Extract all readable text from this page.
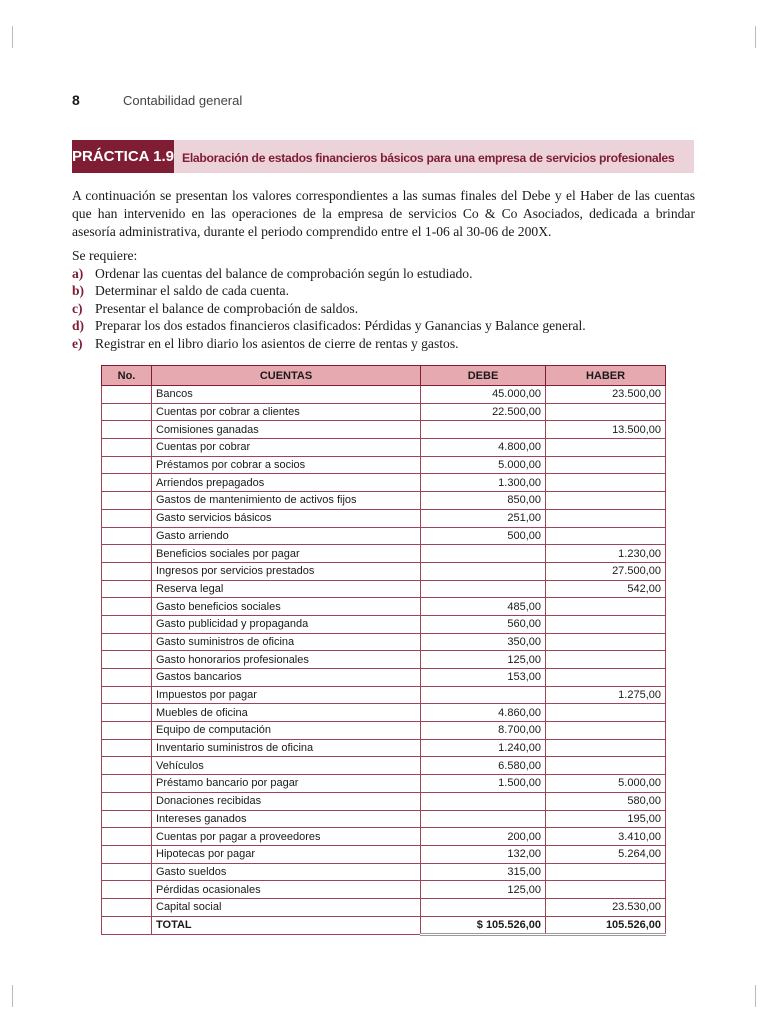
8	Contabilidad general
PRÁCTICA 1.9 Elaboración de estados financieros básicos para una empresa de servicios profesionales
A continuación se presentan los valores correspondientes a las sumas finales del Debe y el Haber de las cuentas que han intervenido en las operaciones de la empresa de servicios Co & Co Asociados, dedicada a brindar asesoría administrativa, durante el periodo comprendido entre el 1-06 al 30-06 de 200X.
Se requiere:
a) Ordenar las cuentas del balance de comprobación según lo estudiado.
b) Determinar el saldo de cada cuenta.
c) Presentar el balance de comprobación de saldos.
d) Preparar los dos estados financieros clasificados: Pérdidas y Ganancias y Balance general.
e) Registrar en el libro diario los asientos de cierre de rentas y gastos.
No.	CUENTAS	DEBE	HABER
	Bancos	45.000,00	23.500,00
	Cuentas por cobrar a clientes	22.500,00	
	Comisiones ganadas		13.500,00
	Cuentas por cobrar	4.800,00	
	Préstamos por cobrar a socios	5.000,00	
	Arriendos prepagados	1.300,00	
	Gastos de mantenimiento de activos fijos	850,00	
	Gasto servicios básicos	251,00	
	Gasto arriendo	500,00	
	Beneficios sociales por pagar		1.230,00
	Ingresos por servicios prestados		27.500,00
	Reserva legal		542,00
	Gasto beneficios sociales	485,00	
	Gasto publicidad y propaganda	560,00	
	Gasto suministros de oficina	350,00	
	Gasto honorarios profesionales	125,00	
	Gastos bancarios	153,00	
	Impuestos por pagar		1.275,00
	Muebles de oficina	4.860,00	
	Equipo de computación	8.700,00	
	Inventario suministros de oficina	1.240,00	
	Vehículos	6.580,00	
	Préstamo bancario por pagar	1.500,00	5.000,00
	Donaciones recibidas		580,00
	Intereses ganados		195,00
	Cuentas por pagar a proveedores	200,00	3.410,00
	Hipotecas por pagar	132,00	5.264,00
	Gasto sueldos	315,00	
	Pérdidas ocasionales	125,00	
	Capital social		23.530,00
	TOTAL	$ 105.526,00	105.526,00
